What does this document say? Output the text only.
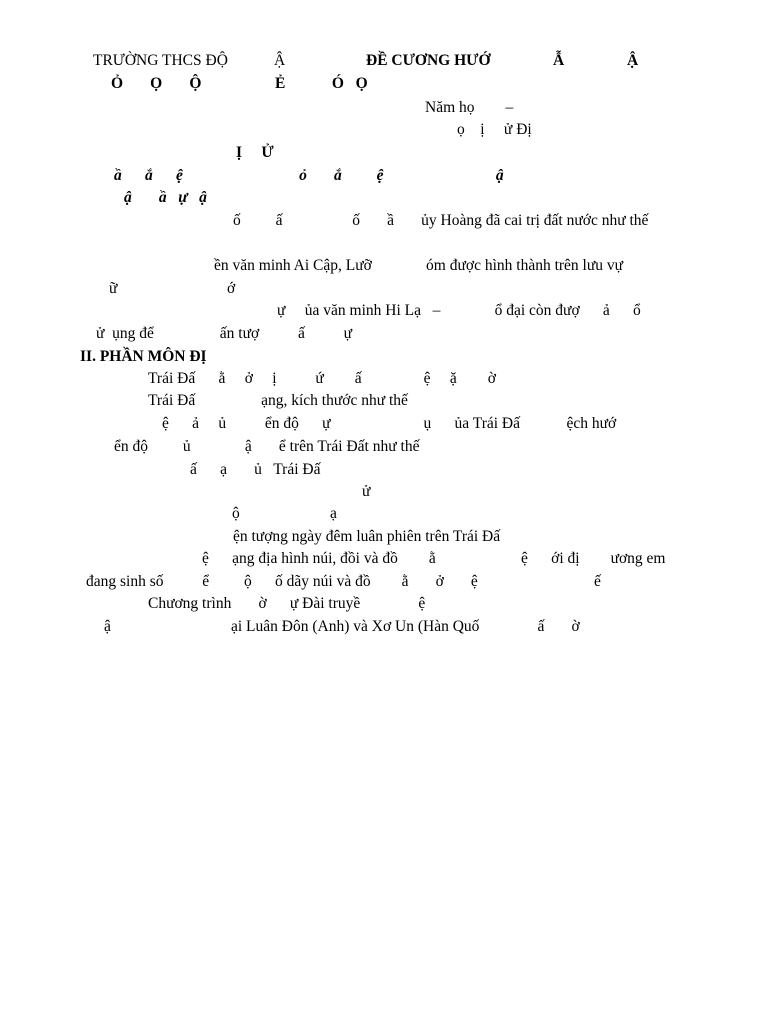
TRƯỜNG THCS ĐỘ	Ậ	ĐỀ CƯƠNG HƯỚ	Ẫ	Ậ
Ỏ       Ọ       Ộ                   Ẻ            Ó   Ọ
Năm họ        –
ọ    ị     ử Đị
Ị     Ử
ầ      ắ      ệ                              ỏ       ắ         ệ                             ậ
ậ       ầ   ự   ậ
ố         ấ                  ố       ầ       ủy Hoàng đã cai trị đất nước như thế
ền văn minh Ai Cập, Lưỡ              óm được hình thành trên lưu vự
ữ	ớ
ự     ủa văn minh Hi Lạ   –              ổ đại còn đượ      ả      ổ
ử  ụng để                 ấn tượ          ấ          ự
II. PHẦN MÔN ĐỊ
Trái Đấ      ằ     ở     ị          ứ        ấ                ệ     ặ        ờ
Trái Đấ                 ạng, kích thước như thế
ệ      ả     ủ          ển độ      ự                        ụ      ủa Trái Đấ            ệch hướ
ển độ         ủ              ậ       ể trên Trái Đất như thế
ấ      ạ       ủ   Trái Đấ
ử
ộ	ạ
ện tượng ngày đêm luân phiên trên Trái Đấ
ệ      ạng địa hình núi, đồi và đồ        ằ                      ệ      ới đị        ương em
đang sinh số          ể         ộ      ố dãy núi và đồ        ằ       ở       ệ                              ế
Chương trình       ờ      ự Đài truyề               ệ
ậ	ại Luân Đôn (Anh) và Xơ Un (Hàn Quố               ấ       ờ
